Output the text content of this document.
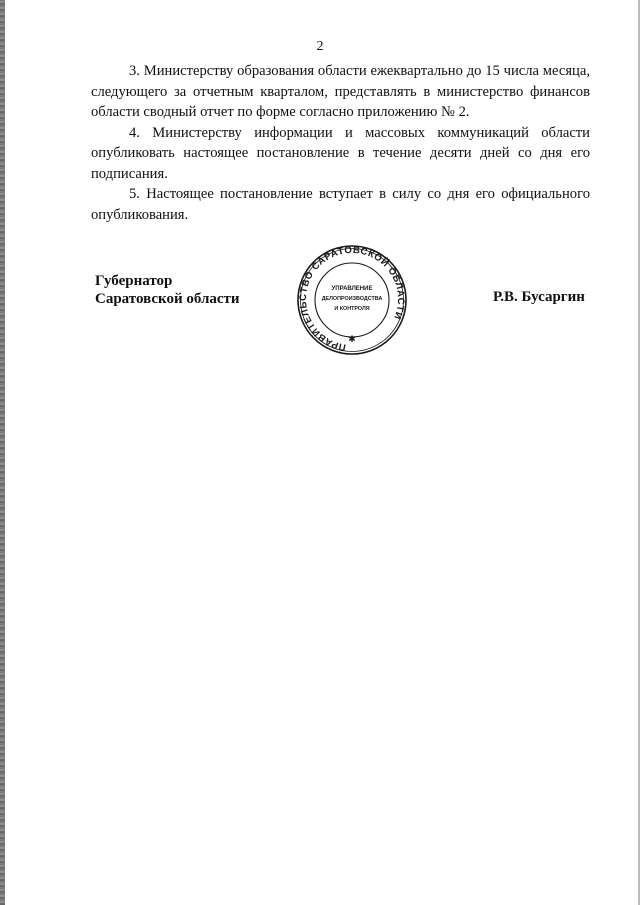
2

3. Министерству образования области ежеквартально до 15 числа месяца, следующего за отчетным кварталом, представлять в министерство финансов области сводный отчет по форме согласно приложению № 2.

4. Министерству информации и массовых коммуникаций области опубликовать настоящее постановление в течение десяти дней со дня его подписания.

5. Настоящее постановление вступает в силу со дня его официального опубликования.

Губернатор
Саратовской области
ПРАВИТЕЛЬСТВО САРАТОВСКОЙ ОБЛАСТИ
УПРАВЛЕНИЕ
ДЕЛОПРОИЗВОДСТВА
И КОНТРОЛЯ
✱
Р.В. Бусаргин
